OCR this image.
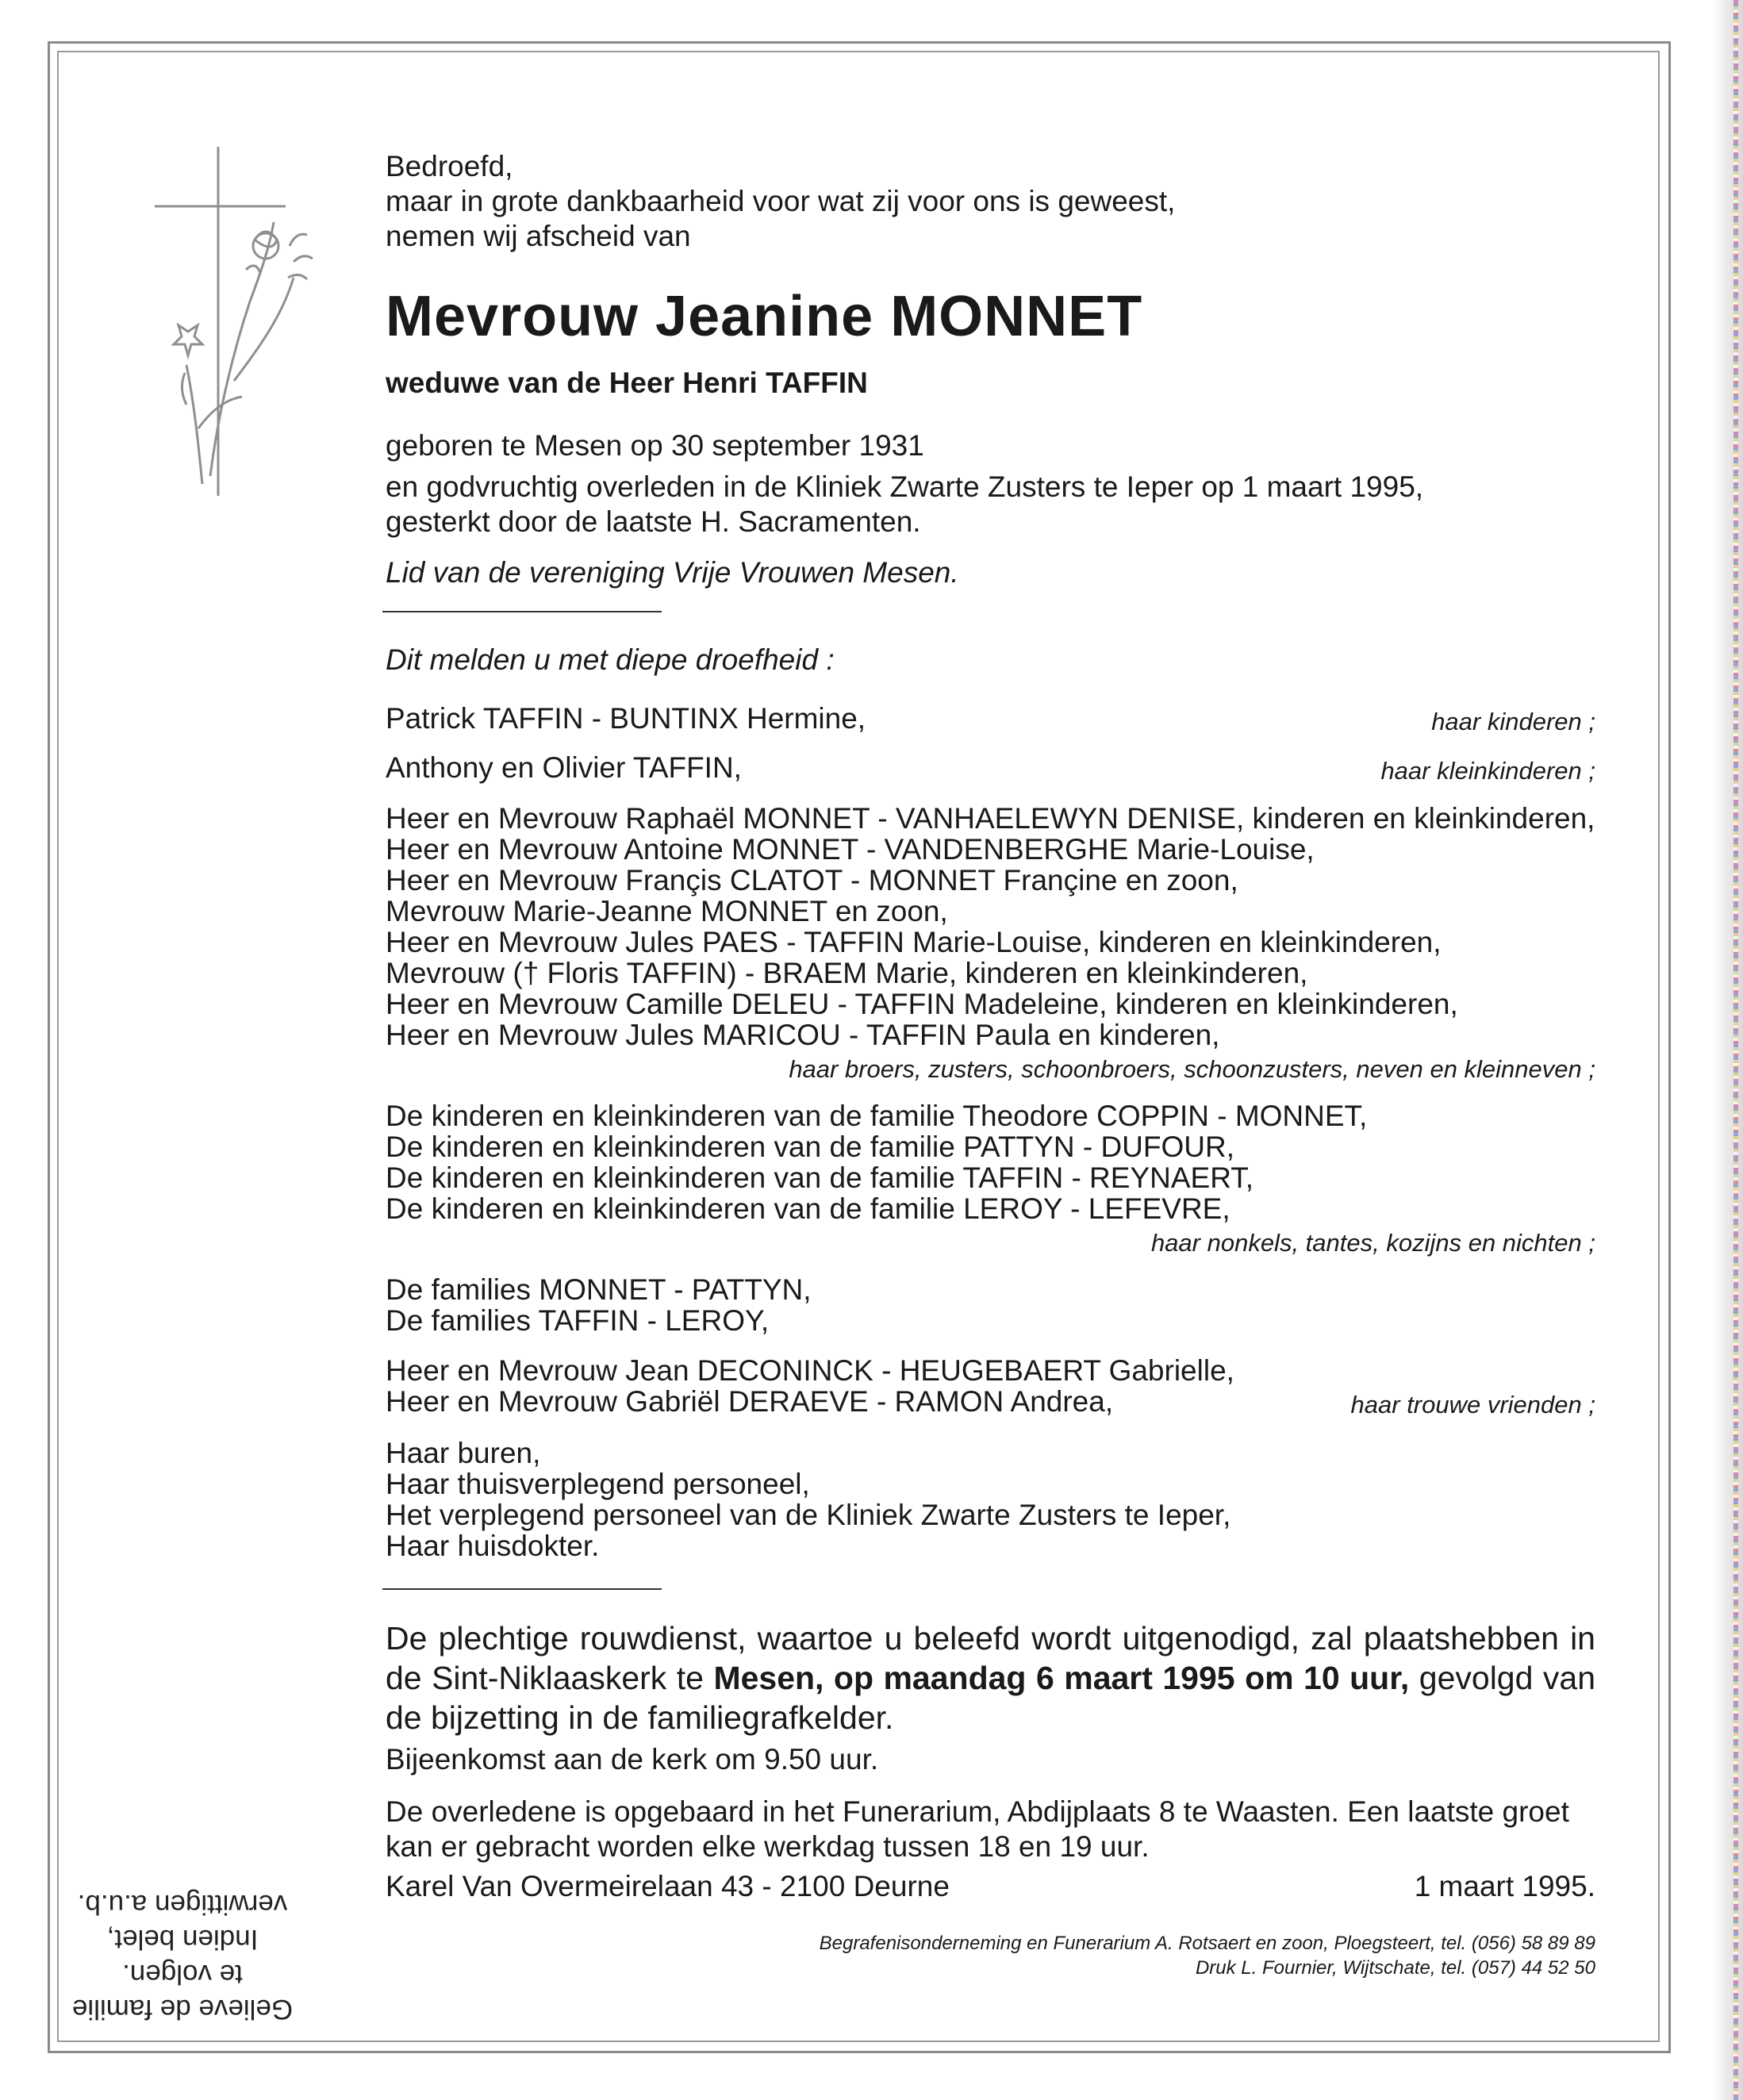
Bedroefd,
maar in grote dankbaarheid voor wat zij voor ons is geweest,
nemen wij afscheid van
Mevrouw Jeanine MONNET
weduwe van de Heer Henri TAFFIN
geboren te Mesen op 30 september 1931
en godvruchtig overleden in de Kliniek Zwarte Zusters te Ieper op 1 maart 1995,
gesterkt door de laatste H. Sacramenten.
Lid van de vereniging Vrije Vrouwen Mesen.
Dit melden u met diepe droefheid :
Patrick TAFFIN - BUNTINX Hermine,	haar kinderen ;
Anthony en Olivier TAFFIN,	haar kleinkinderen ;
Heer en Mevrouw Raphaël MONNET - VANHAELEWYN DENISE, kinderen en kleinkinderen,
Heer en Mevrouw Antoine MONNET - VANDENBERGHE Marie-Louise,
Heer en Mevrouw Françis CLATOT - MONNET Françine en zoon,
Mevrouw Marie-Jeanne MONNET en zoon,
Heer en Mevrouw Jules PAES - TAFFIN Marie-Louise, kinderen en kleinkinderen,
Mevrouw († Floris TAFFIN) - BRAEM Marie, kinderen en kleinkinderen,
Heer en Mevrouw Camille DELEU - TAFFIN Madeleine, kinderen en kleinkinderen,
Heer en Mevrouw Jules MARICOU - TAFFIN Paula en kinderen,
haar broers, zusters, schoonbroers, schoonzusters, neven en kleinneven ;
De kinderen en kleinkinderen van de familie Theodore COPPIN - MONNET,
De kinderen en kleinkinderen van de familie PATTYN - DUFOUR,
De kinderen en kleinkinderen van de familie TAFFIN - REYNAERT,
De kinderen en kleinkinderen van de familie LEROY - LEFEVRE,
haar nonkels, tantes, kozijns en nichten ;
De families MONNET - PATTYN,
De families TAFFIN - LEROY,
Heer en Mevrouw Jean DECONINCK - HEUGEBAERT Gabrielle,
Heer en Mevrouw Gabriël DERAEVE - RAMON Andrea,	haar trouwe vrienden ;
Haar buren,
Haar thuisverplegend personeel,
Het verplegend personeel van de Kliniek Zwarte Zusters te Ieper,
Haar huisdokter.
De plechtige rouwdienst, waartoe u beleefd wordt uitgenodigd, zal plaatshebben in de Sint-Niklaaskerk te Mesen, op maandag 6 maart 1995 om 10 uur, gevolgd van de bijzetting in de familiegrafkelder.
Bijeenkomst aan de kerk om 9.50 uur.
De overledene is opgebaard in het Funerarium, Abdijplaats 8 te Waasten. Een laatste groet kan er gebracht worden elke werkdag tussen 18 en 19 uur.
Karel Van Overmeirelaan 43 - 2100 Deurne	1 maart 1995.
Begrafenisonderneming en Funerarium A. Rotsaert en zoon, Ploegsteert, tel. (056) 58 89 89
Druk L. Fournier, Wijtschate, tel. (057) 44 52 50
Gelieve de familie
te volgen.
Indien belet,
verwittigen a.u.b.
